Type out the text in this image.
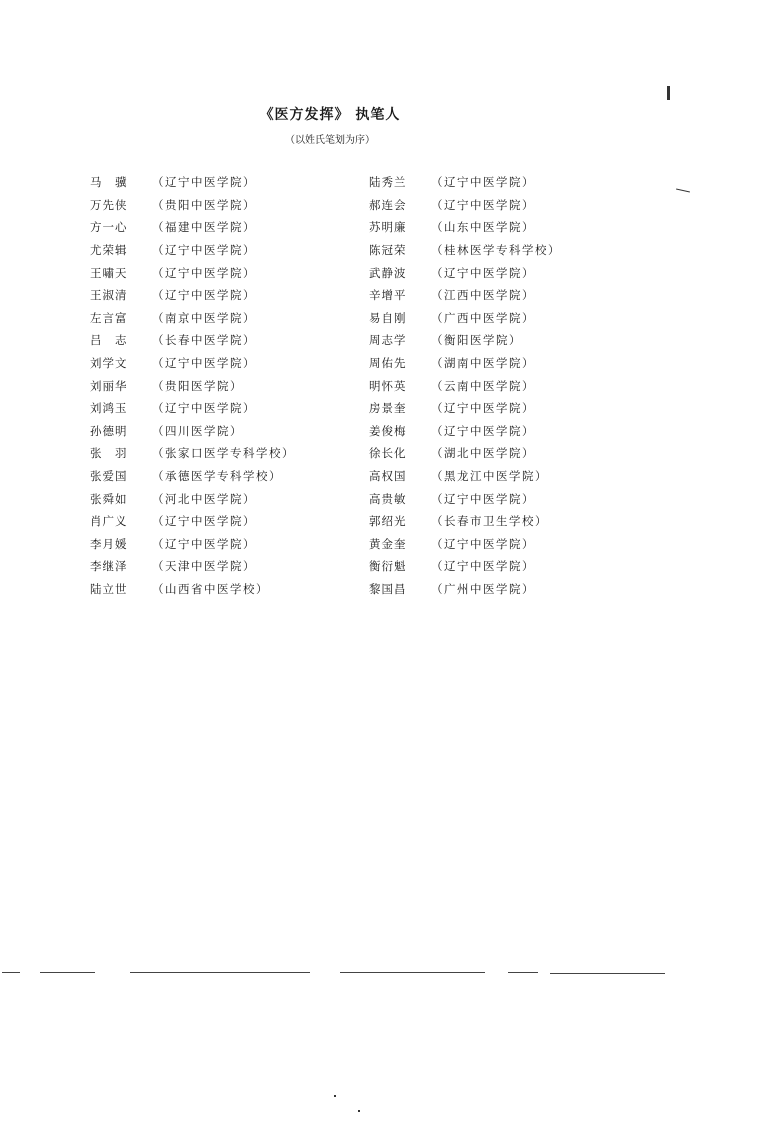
《医方发挥》 执笔人
（以姓氏笔划为序）
马　骥	（辽宁中医学院）
万先侠	（贵阳中医学院）
方一心	（福建中医学院）
尤荣辑	（辽宁中医学院）
王嘯天	（辽宁中医学院）
王淑清	（辽宁中医学院）
左言富	（南京中医学院）
吕　志	（长春中医学院）
刘学文	（辽宁中医学院）
刘丽华	（贵阳医学院）
刘鸿玉	（辽宁中医学院）
孙德明	（四川医学院）
张　羽	（张家口医学专科学校）
张爱国	（承德医学专科学校）
张舜如	（河北中医学院）
肖广义	（辽宁中医学院）
李月媛	（辽宁中医学院）
李继泽	（天津中医学院）
陆立世	（山西省中医学校）
陆秀兰	（辽宁中医学院）
郝连会	（辽宁中医学院）
苏明廉	（山东中医学院）
陈冠荣	（桂林医学专科学校）
武静波	（辽宁中医学院）
辛增平	（江西中医学院）
易自刚	（广西中医学院）
周志学	（衡阳医学院）
周佑先	（湖南中医学院）
明怀英	（云南中医学院）
房景奎	（辽宁中医学院）
姜俊梅	（辽宁中医学院）
徐长化	（湖北中医学院）
高权国	（黑龙江中医学院）
高贵敏	（辽宁中医学院）
郭绍光	（长春市卫生学校）
黄金奎	（辽宁中医学院）
衡衍魁	（辽宁中医学院）
黎国昌	（广州中医学院）
